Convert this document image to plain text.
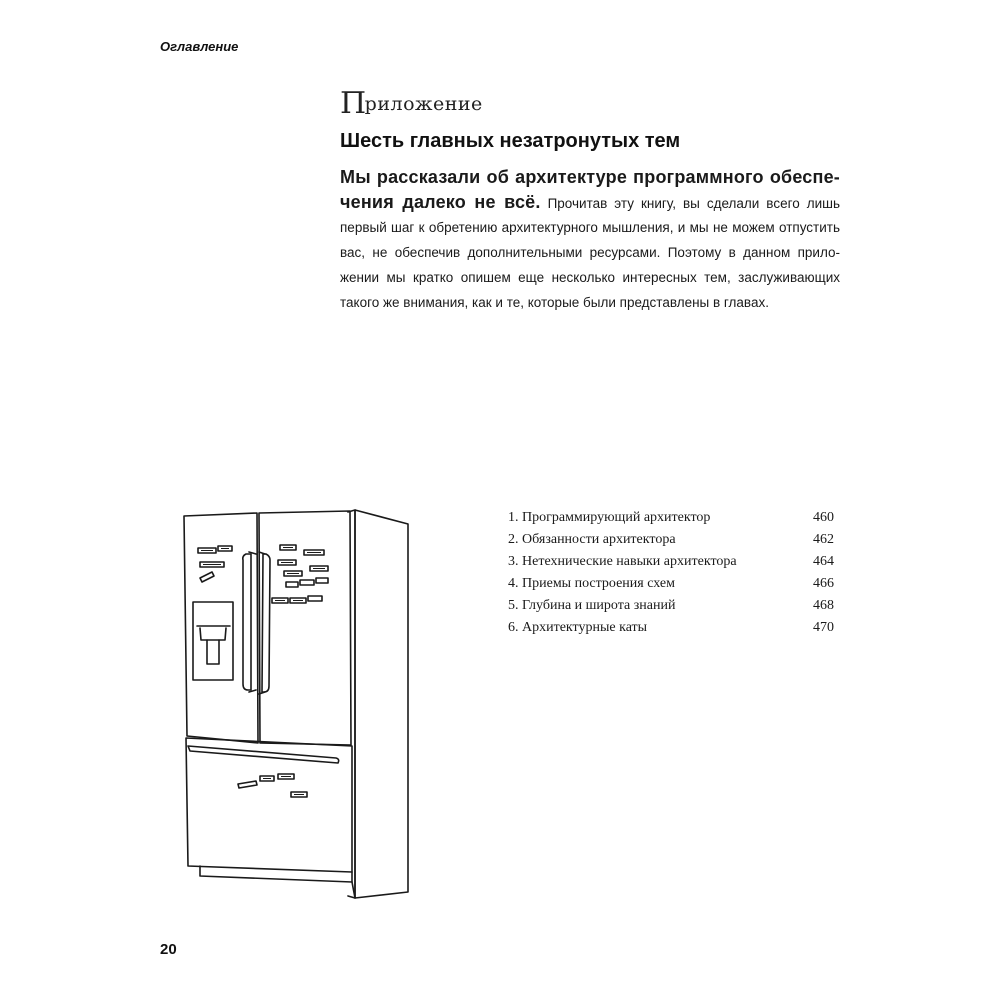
Оглавление
Приложение
Шесть главных незатронутых тем
Мы рассказали об архитектуре программного обеспе-
чения далеко не всё. Прочитав эту книгу, вы сделали всего лишь
первый шаг к обретению архитектурного мышления, и мы не можем отпустить
вас, не обеспечив дополнительными ресурсами. Поэтому в данном прило-
жении мы кратко опишем еще несколько интересных тем, заслуживающих
такого же внимания, как и те, которые были представлены в главах.
1. Программирующий архитектор	460
2. Обязанности архитектора	462
3. Нетехнические навыки архитектора	464
4. Приемы построения схем	466
5. Глубина и широта знаний	468
6. Архитектурные каты	470
20
